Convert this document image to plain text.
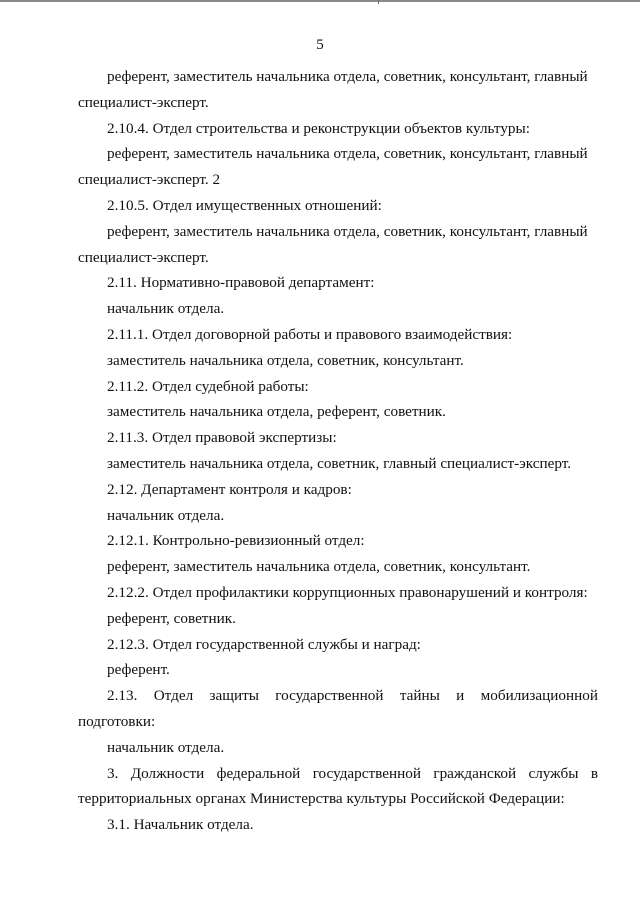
5

референт, заместитель начальника отдела, советник, консультант, главный

специалист-эксперт.

2.10.4. Отдел строительства и реконструкции объектов культуры:

референт, заместитель начальника отдела, советник, консультант, главный

специалист-эксперт. 2

2.10.5. Отдел имущественных отношений:

референт, заместитель начальника отдела, советник, консультант, главный

специалист-эксперт.

2.11. Нормативно-правовой департамент:

начальник отдела.

2.11.1. Отдел договорной работы и правового взаимодействия:

заместитель начальника отдела, советник, консультант.

2.11.2. Отдел судебной работы:

заместитель начальника отдела, референт, советник.

2.11.3. Отдел правовой экспертизы:

заместитель начальника отдела, советник, главный специалист-эксперт.

2.12. Департамент контроля и кадров:

начальник отдела.

2.12.1. Контрольно-ревизионный отдел:

референт, заместитель начальника отдела, советник, консультант.

2.12.2. Отдел профилактики коррупционных правонарушений и контроля:

референт, советник.

2.12.3. Отдел государственной службы и наград:

референт.

2.13. Отдел защиты государственной тайны и мобилизационной

подготовки:

начальник отдела.

3. Должности федеральной государственной гражданской службы в

территориальных органах Министерства культуры Российской Федерации:

3.1. Начальник отдела.
